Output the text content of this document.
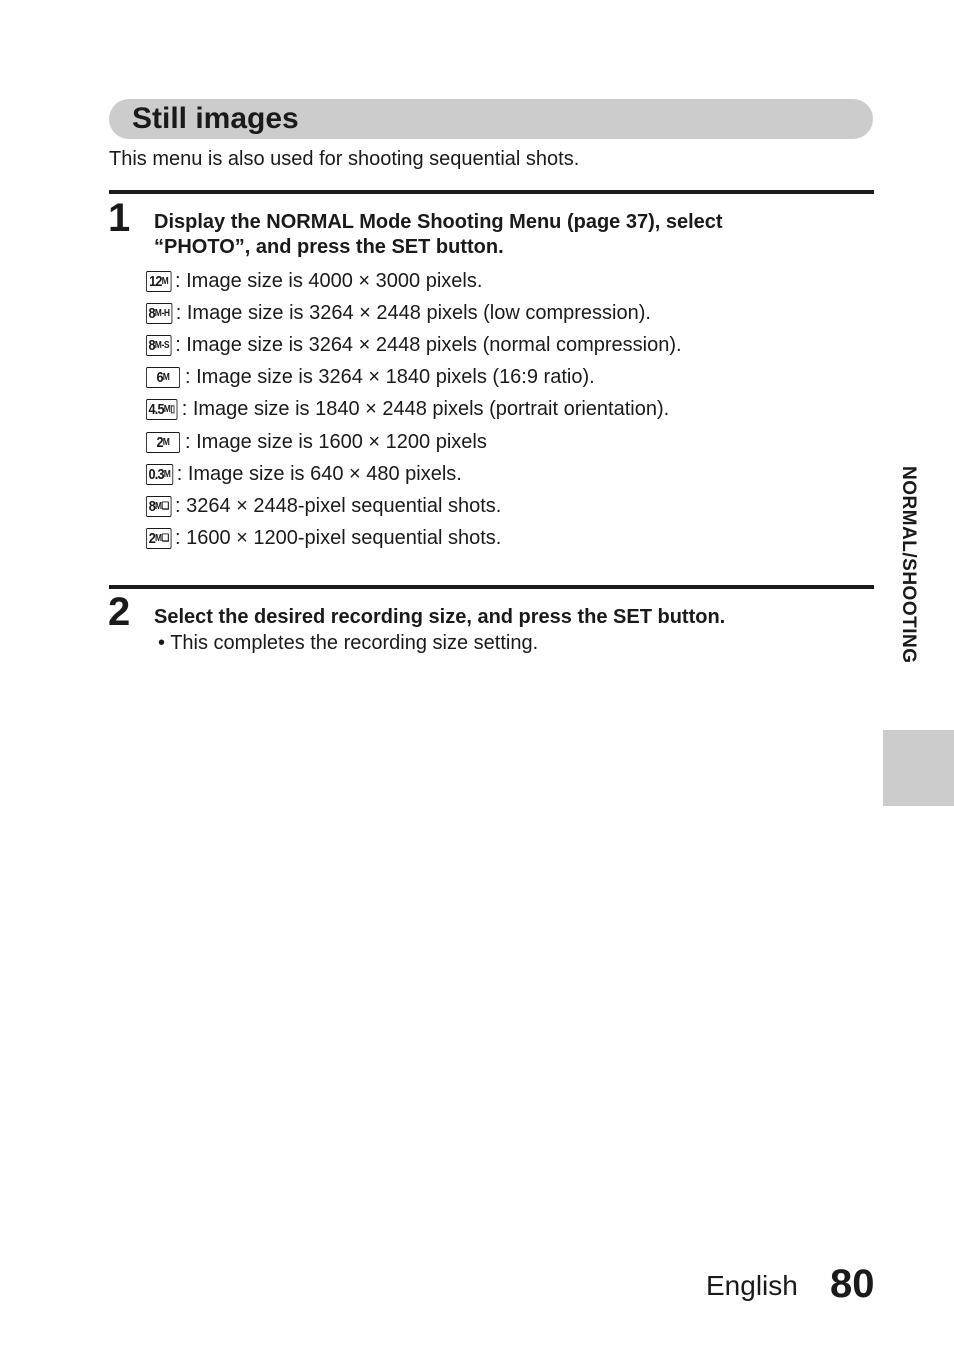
Still images
This menu is also used for shooting sequential shots.
1 Display the NORMAL Mode Shooting Menu (page 37), select
“PHOTO”, and press the SET button.
12 M : Image size is 4000 × 3000 pixels.
8 M-H : Image size is 3264 × 2448 pixels (low compression).
8 M-S : Image size is 3264 × 2448 pixels (normal compression).
6 M : Image size is 3264 × 1840 pixels (16:9 ratio).
4.5 M▯ : Image size is 1840 × 2448 pixels (portrait orientation).
2 M : Image size is 1600 × 1200 pixels
0.3 M : Image size is 640 × 480 pixels.
8 M❏ : 3264 × 2448-pixel sequential shots.
2 M❏ : 1600 × 1200-pixel sequential shots.
2 Select the desired recording size, and press the SET button.
• This completes the recording size setting.	NORMAL/SHOOTING
English 80
